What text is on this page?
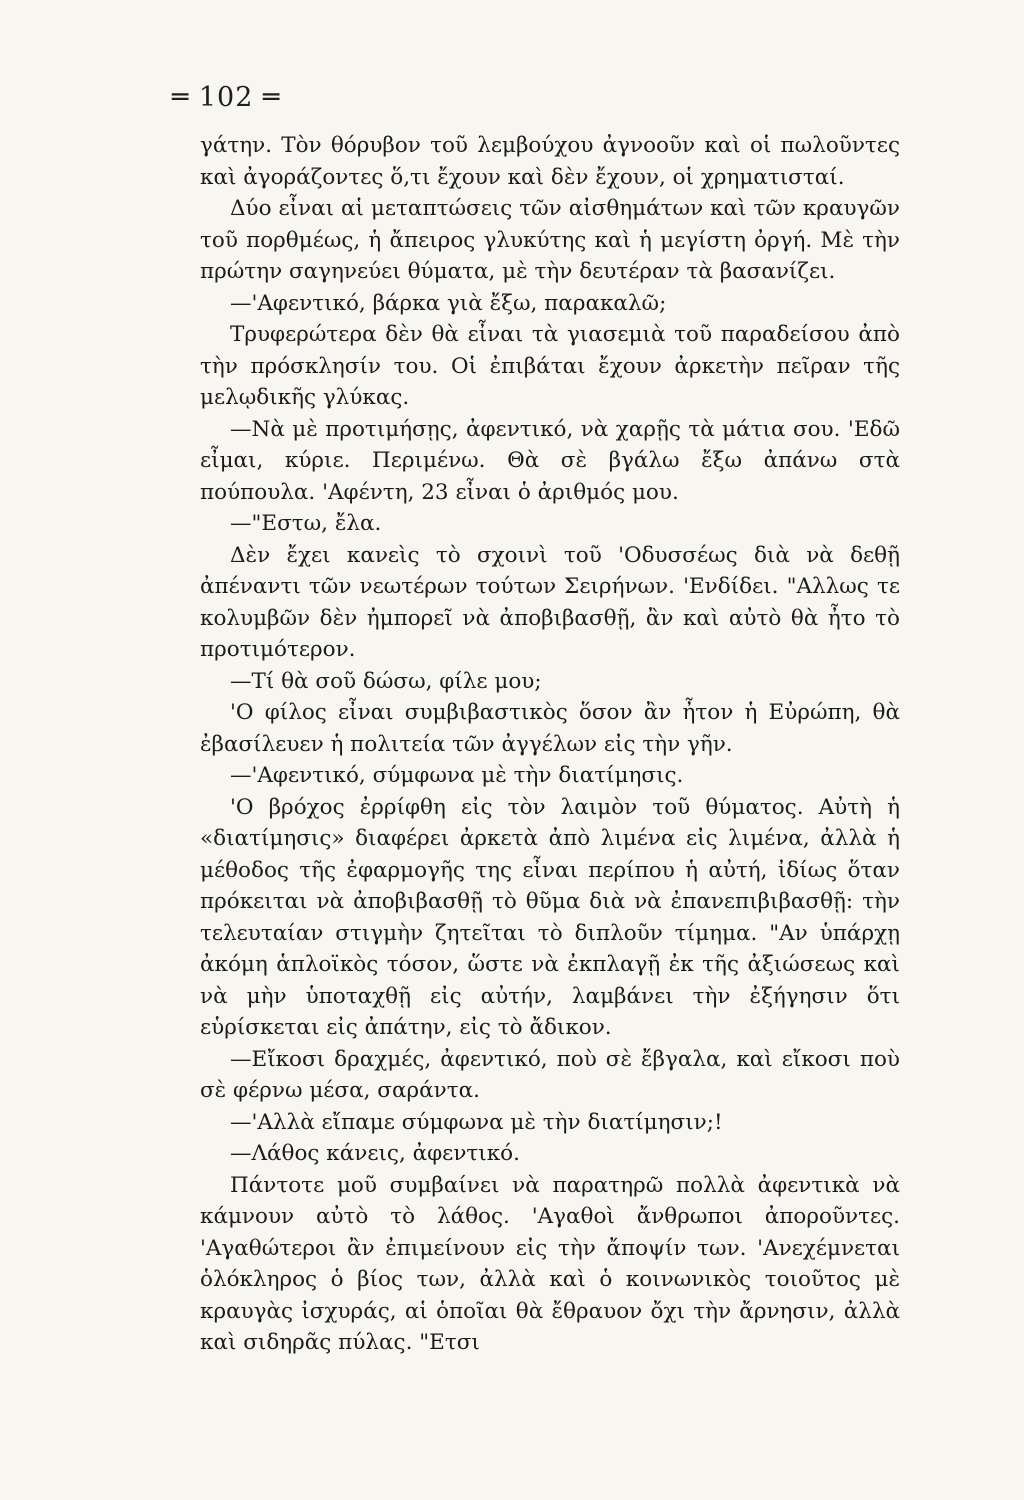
═ 102 ═

γάτην. Τὸν θόρυβον τοῦ λεμβούχου ἀγνοοῦν καὶ οἱ πωλοῦντες καὶ ἀγοράζοντες ὅ,τι ἔχουν καὶ δὲν ἔχουν, οἱ χρηματισταί.

Δύο εἶναι αἱ μεταπτώσεις τῶν αἰσθημάτων καὶ τῶν κραυγῶν τοῦ πορθμέως, ἡ ἄπειρος γλυκύτης καὶ ἡ μεγίστη ὀργή. Μὲ τὴν πρώτην σαγηνεύει θύματα, μὲ τὴν δευτέραν τὰ βασανίζει.

—'Αφεντικό, βάρκα γιὰ ἔξω, παρακαλῶ;

Τρυφερώτερα δὲν θὰ εἶναι τὰ γιασεμιὰ τοῦ παραδείσου ἀπὸ τὴν πρόσκλησίν του. Οἱ ἐπιβάται ἔχουν ἀρκετὴν πεῖραν τῆς μελῳδικῆς γλύκας.

—Νὰ μὲ προτιμήσῃς, ἀφεντικό, νὰ χαρῇς τὰ μάτια σου. 'Εδῶ εἶμαι, κύριε. Περιμένω. Θὰ σὲ βγάλω ἔξω ἀπάνω στὰ πούπουλα. 'Αφέντη, 23 εἶναι ὁ ἀριθμός μου.

—"Εστω, ἔλα.

Δὲν ἔχει κανεὶς τὸ σχοινὶ τοῦ 'Οδυσσέως διὰ νὰ δεθῇ ἀπέναντι τῶν νεωτέρων τούτων Σειρήνων. 'Ενδίδει. "Αλλως τε κολυμβῶν δὲν ἠμπορεῖ νὰ ἀποβιβασθῇ, ἂν καὶ αὐτὸ θὰ ἦτο τὸ προτιμότερον.

—Τί θὰ σοῦ δώσω, φίλε μου;

'Ο φίλος εἶναι συμβιβαστικὸς ὅσον ἂν ἦτον ἡ Εὐρώπη, θὰ ἐβασίλευεν ἡ πολιτεία τῶν ἀγγέλων εἰς τὴν γῆν.

—'Αφεντικό, σύμφωνα μὲ τὴν διατίμησις.

'Ο βρόχος ἐρρίφθη εἰς τὸν λαιμὸν τοῦ θύματος. Αὐτὴ ἡ «διατίμησις» διαφέρει ἀρκετὰ ἀπὸ λιμένα εἰς λιμένα, ἀλλὰ ἡ μέθοδος τῆς ἐφαρμογῆς της εἶναι περίπου ἡ αὐτή, ἰδίως ὅταν πρόκειται νὰ ἀποβιβασθῇ τὸ θῦμα διὰ νὰ ἐπανεπιβιβασθῇ: τὴν τελευταίαν στιγμὴν ζητεῖται τὸ διπλοῦν τίμημα. "Αν ὑπάρχῃ ἀκόμη ἁπλοϊκὸς τόσον, ὥστε νὰ ἐκπλαγῇ ἐκ τῆς ἀξιώσεως καὶ νὰ μὴν ὑποταχθῇ εἰς αὐτήν, λαμβάνει τὴν ἐξήγησιν ὅτι εὑρίσκεται εἰς ἀπάτην, εἰς τὸ ἄδικον.

—Εἴκοσι δραχμές, ἀφεντικό, ποὺ σὲ ἔβγαλα, καὶ εἴκοσι ποὺ σὲ φέρνω μέσα, σαράντα.

—'Αλλὰ εἴπαμε σύμφωνα μὲ τὴν διατίμησιν;!

—Λάθος κάνεις, ἀφεντικό.

Πάντοτε μοῦ συμβαίνει νὰ παρατηρῶ πολλὰ ἀφεντικὰ νὰ κάμνουν αὐτὸ τὸ λάθος. 'Αγαθοὶ ἄνθρωποι ἀποροῦντες. 'Αγαθώτεροι ἂν ἐπιμείνουν εἰς τὴν ἄποψίν των. 'Ανεχέμνεται ὁλόκληρος ὁ βίος των, ἀλλὰ καὶ ὁ κοινωνικὸς τοιοῦτος μὲ κραυγὰς ἰσχυράς, αἱ ὁποῖαι θὰ ἔθραυον ὄχι τὴν ἄρνησιν, ἀλλὰ καὶ σιδηρᾶς πύλας. "Ετσι
